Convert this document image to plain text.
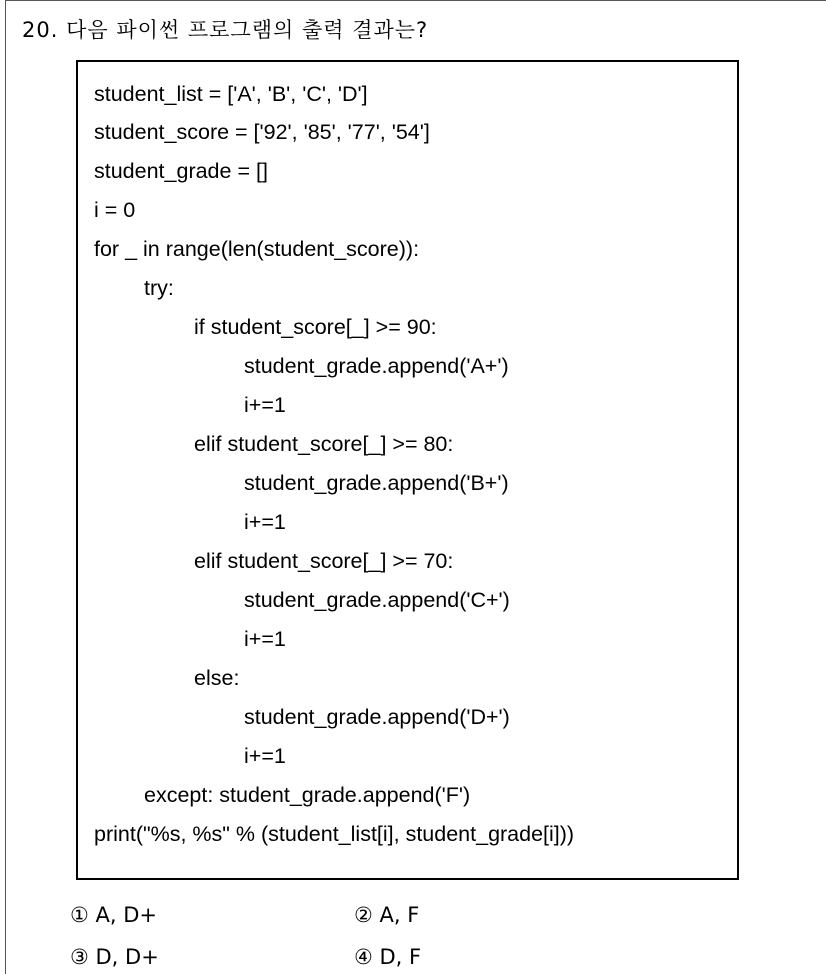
20. 다음 파이썬 프로그램의 출력 결과는?
student_list = ['A', 'B', 'C', 'D']
student_score = ['92', '85', '77', '54']
student_grade = []
i = 0
for _ in range(len(student_score)):
try:
if student_score[_] >= 90:
student_grade.append('A+')
i+=1
elif student_score[_] >= 80:
student_grade.append('B+')
i+=1
elif student_score[_] >= 70:
student_grade.append('C+')
i+=1
else:
student_grade.append('D+')
i+=1
except: student_grade.append('F')
print("%s, %s" % (student_list[i], student_grade[i]))
① A, D+	② A, F
③ D, D+	④ D, F
